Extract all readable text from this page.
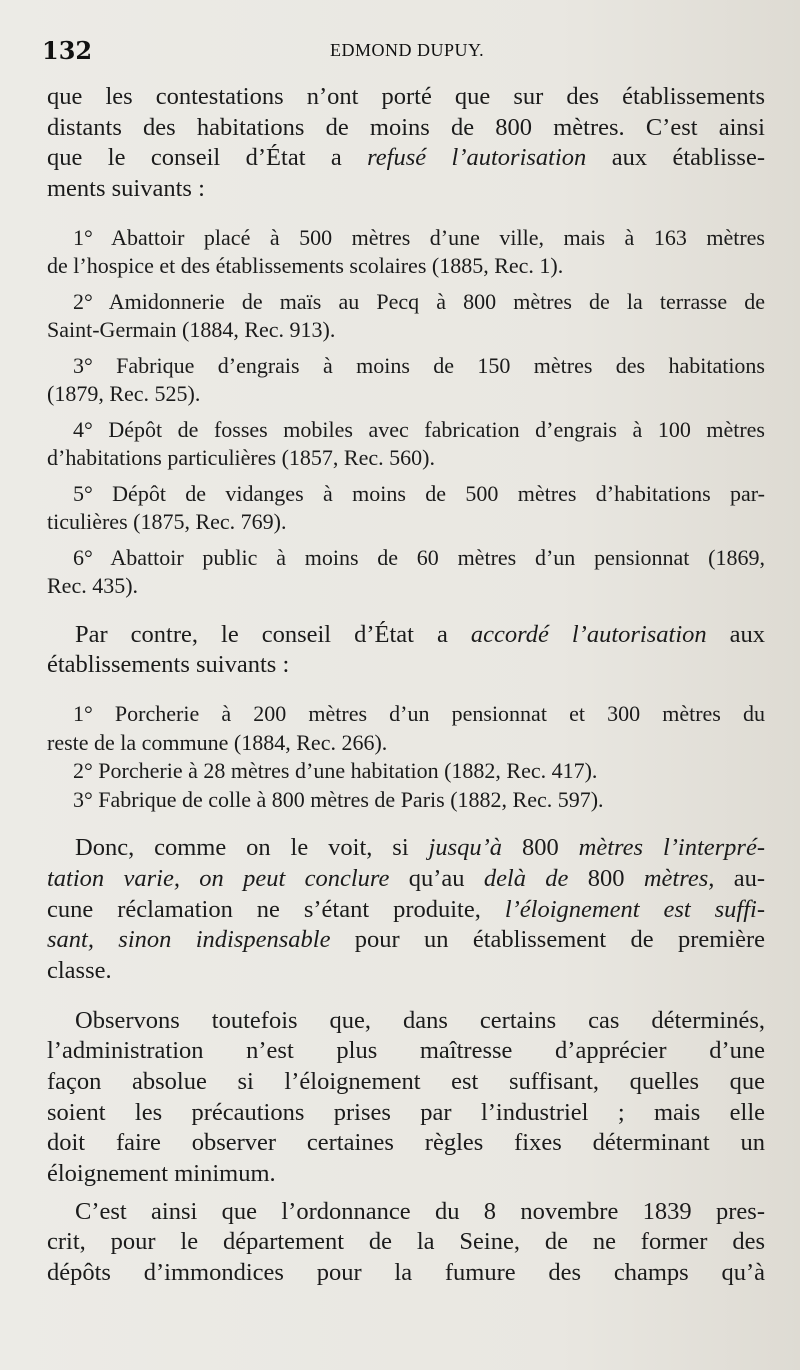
132	EDMOND DUPUY.
que les contestations n’ont porté que sur des établissements
distants des habitations de moins de 800 mètres. C’est ainsi
que le conseil d’État a refusé l’autorisation aux établisse-
ments suivants :
1° Abattoir placé à 500 mètres d’une ville, mais à 163 mètres
de l’hospice et des établissements scolaires (1885, Rec. 1).
2° Amidonnerie de maïs au Pecq à 800 mètres de la terrasse de
Saint-Germain (1884, Rec. 913).
3° Fabrique d’engrais à moins de 150 mètres des habitations
(1879, Rec. 525).
4° Dépôt de fosses mobiles avec fabrication d’engrais à 100 mètres
d’habitations particulières (1857, Rec. 560).
5° Dépôt de vidanges à moins de 500 mètres d’habitations par-
ticulières (1875, Rec. 769).
6° Abattoir public à moins de 60 mètres d’un pensionnat (1869,
Rec. 435).
Par contre, le conseil d’État a accordé l’autorisation aux
établissements suivants :
1° Porcherie à 200 mètres d’un pensionnat et 300 mètres du
reste de la commune (1884, Rec. 266).
2° Porcherie à 28 mètres d’une habitation (1882, Rec. 417).
3° Fabrique de colle à 800 mètres de Paris (1882, Rec. 597).
Donc, comme on le voit, si jusqu’à 800 mètres l’interpré-
tation varie, on peut conclure qu’au delà de 800 mètres, au-
cune réclamation ne s’étant produite, l’éloignement est suffi-
sant, sinon indispensable pour un établissement de première
classe.
Observons toutefois que, dans certains cas déterminés,
l’administration n’est plus maîtresse d’apprécier d’une
façon absolue si l’éloignement est suffisant, quelles que
soient les précautions prises par l’industriel ; mais elle
doit faire observer certaines règles fixes déterminant un
éloignement minimum.
C’est ainsi que l’ordonnance du 8 novembre 1839 pres-
crit, pour le département de la Seine, de ne former des
dépôts d’immondices pour la fumure des champs qu’à
